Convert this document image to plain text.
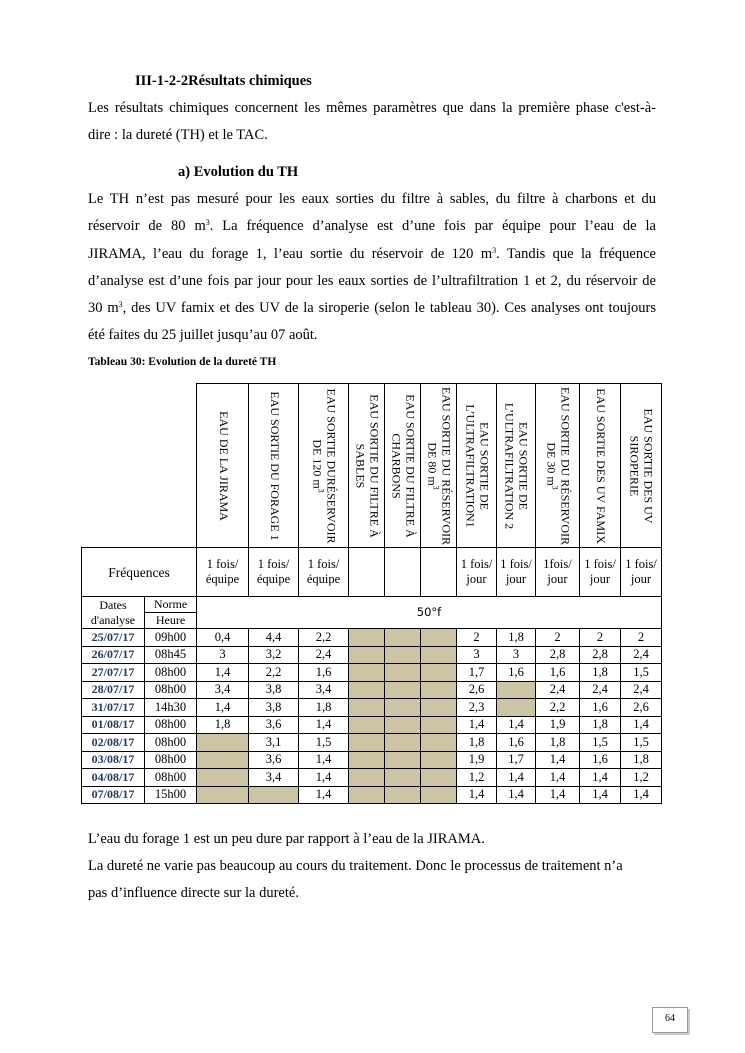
III-1-2-2Résultats chimiques
Les résultats chimiques concernent les mêmes paramètres que dans la première phase c'est-à-
dire : la dureté (TH) et le TAC.
a) Evolution du TH
Le TH n’est pas mesuré pour les eaux sorties du filtre à sables, du filtre à charbons et du
réservoir de 80 $m^3$. La fréquence d’analyse est d’une fois par équipe pour l’eau de la
JIRAMA, l’eau du forage 1, l’eau sortie du réservoir de 120 $m^3$. Tandis que la fréquence
d’analyse est d’une fois par jour pour les eaux sorties de l’ultrafiltration 1 et 2, du réservoir de
30 $m^3$, des UV famix et des UV de la siroperie (selon le tableau 30). Ces analyses ont toujours
été faites du 25 juillet jusqu’au 07 août.
Tableau 30: Evolution de la dureté TH

		EAU DE LA JIRAMA	EAU SORTIE DU FORAGE 1	EAU SORTIE DURÉSERVOIR DE 120 $m^3$	EAU SORTIE DU FILTRE À SABLES	EAU SORTIE DU FILTRE À CHARBONS	EAU SORTIE DU RÉSERVOIR DE 80 $m^3$	EAU SORTIE DE L’ULTRAFILTRATION1	EAU SORTIE DE L’ULTRAFILTRATION 2	EAU SORTIE DU RÉSERVOIR DE 30 $m^3$	EAU SORTIE DES UV FAMIX	EAU SORTIE DES UV SIROPERIE

Fréquences		1 fois/ équipe	1 fois/ équipe	1 fois/ équipe				1 fois/ jour	1 fois/ jour	1fois/ jour	1 fois/ jour	1 fois/ jour
Dates d'analyse	Norme	50°f										
	Heure											
25/07/17	09h00	0,4	4,4	2,2				2	1,8	2	2	2
26/07/17	08h45	3	3,2	2,4				3	3	2,8	2,8	2,4
27/07/17	08h00	1,4	2,2	1,6				1,7	1,6	1,6	1,8	1,5
28/07/17	08h00	3,4	3,8	3,4				2,6		2,4	2,4	2,4
31/07/17	14h30	1,4	3,8	1,8				2,3		2,2	1,6	2,6
01/08/17	08h00	1,8	3,6	1,4				1,4	1,4	1,9	1,8	1,4
02/08/17	08h00		3,1	1,5				1,8	1,6	1,8	1,5	1,5
03/08/17	08h00		3,6	1,4				1,9	1,7	1,4	1,6	1,8
04/08/17	08h00		3,4	1,4				1,2	1,4	1,4	1,4	1,2
07/08/17	15h00			1,4				1,4	1,4	1,4	1,4	1,4
L’eau du forage 1 est un peu dure par rapport à l’eau de la JIRAMA.
La dureté ne varie pas beaucoup au cours du traitement. Donc le processus de traitement n’a
pas d’influence directe sur la dureté.
64
